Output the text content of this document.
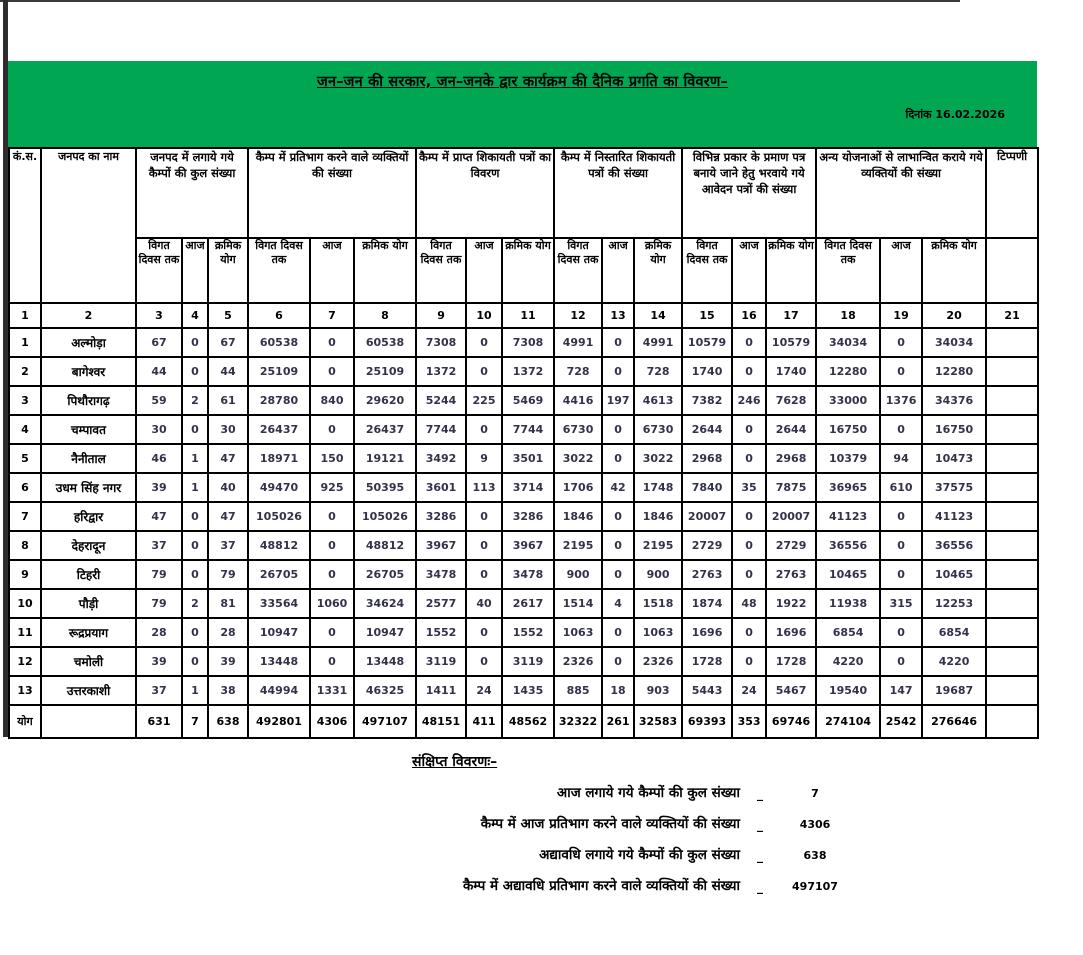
जन–जन की सरकार, जन–जनके द्वार कार्यक्रम की दैनिक प्रगति का विवरण–
दिनांक 16.02.2026
कं.स.	जनपद का नाम	जनपद में लगाये गये कैम्पों की कुल संख्या			कैम्प में प्रतिभाग करने वाले व्यक्तियों की संख्या			कैम्प में प्राप्त शिकायती पत्रों का विवरण			कैम्प में निस्तारित शिकायती पत्रों की संख्या			विभिन्न प्रकार के प्रमाण पत्र बनाये जाने हेतु भरवाये गये आवेदन पत्रों की संख्या			अन्य योजनाओं से लाभान्वित कराये गये व्यक्तियों की संख्या			टिप्पणी
		विगत दिवस तक	आज	क्रमिक योग	विगत दिवस तक	आज	क्रमिक योग	विगत दिवस तक	आज	क्रमिक योग	विगत दिवस तक	आज	क्रमिक योग	विगत दिवस तक	आज	क्रमिक योग	विगत दिवस तक	आज	क्रमिक योग	
1	2	3	4	5	6	7	8	9	10	11	12	13	14	15	16	17	18	19	20	21
1	अल्मोड़ा	67	0	67	60538	0	60538	7308	0	7308	4991	0	4991	10579	0	10579	34034	0	34034	
2	बागेश्वर	44	0	44	25109	0	25109	1372	0	1372	728	0	728	1740	0	1740	12280	0	12280	
3	पिथौरागढ़	59	2	61	28780	840	29620	5244	225	5469	4416	197	4613	7382	246	7628	33000	1376	34376	
4	चम्पावत	30	0	30	26437	0	26437	7744	0	7744	6730	0	6730	2644	0	2644	16750	0	16750	
5	नैनीताल	46	1	47	18971	150	19121	3492	9	3501	3022	0	3022	2968	0	2968	10379	94	10473	
6	उधम सिंह नगर	39	1	40	49470	925	50395	3601	113	3714	1706	42	1748	7840	35	7875	36965	610	37575	
7	हरिद्वार	47	0	47	105026	0	105026	3286	0	3286	1846	0	1846	20007	0	20007	41123	0	41123	
8	देहरादून	37	0	37	48812	0	48812	3967	0	3967	2195	0	2195	2729	0	2729	36556	0	36556	
9	टिहरी	79	0	79	26705	0	26705	3478	0	3478	900	0	900	2763	0	2763	10465	0	10465	
10	पौड़ी	79	2	81	33564	1060	34624	2577	40	2617	1514	4	1518	1874	48	1922	11938	315	12253	
11	रूद्रप्रयाग	28	0	28	10947	0	10947	1552	0	1552	1063	0	1063	1696	0	1696	6854	0	6854	
12	चमोली	39	0	39	13448	0	13448	3119	0	3119	2326	0	2326	1728	0	1728	4220	0	4220	
13	उत्तरकाशी	37	1	38	44994	1331	46325	1411	24	1435	885	18	903	5443	24	5467	19540	147	19687	
योग		631	7	638	492801	4306	497107	48151	411	48562	32322	261	32583	69393	353	69746	274104	2542	276646	
संक्षिप्त विवरणः–
आज लगाये गये कैम्पों की कुल संख्या	_	7
कैम्प में आज प्रतिभाग करने वाले व्यक्तियों की संख्या	_	4306
अद्यावधि लगाये गये कैम्पों की कुल संख्या	_	638
कैम्प में अद्यावधि प्रतिभाग करने वाले व्यक्तियों की संख्या	_	497107
